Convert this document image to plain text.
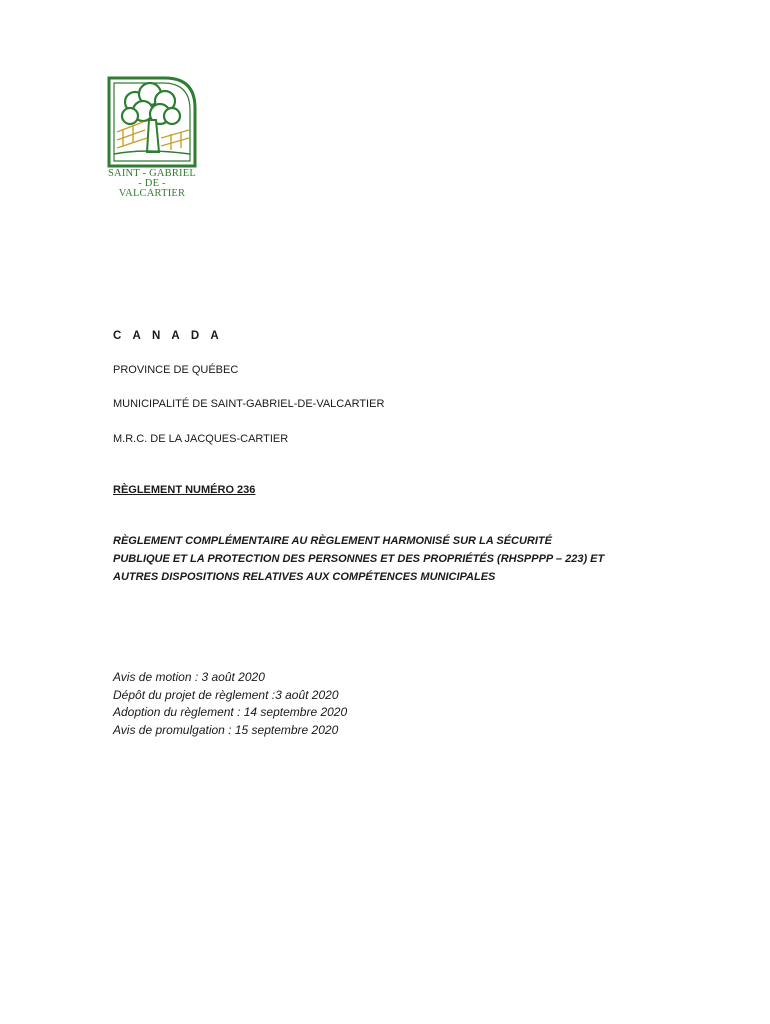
SAINT - GABRIEL
- DE -
VALCARTIER
C A N A D A
PROVINCE DE QUÉBEC
MUNICIPALITÉ DE SAINT-GABRIEL-DE-VALCARTIER
M.R.C. DE LA JACQUES-CARTIER
RÈGLEMENT NUMÉRO 236
RÈGLEMENT COMPLÉMENTAIRE AU RÈGLEMENT HARMONISÉ SUR LA SÉCURITÉ
PUBLIQUE ET LA PROTECTION DES PERSONNES ET DES PROPRIÉTÉS (RHSPPPP – 223) ET
AUTRES DISPOSITIONS RELATIVES AUX COMPÉTENCES MUNICIPALES
Avis de motion : 3 août 2020
Dépôt du projet de règlement :3 août 2020
Adoption du règlement : 14 septembre 2020
Avis de promulgation : 15 septembre 2020
